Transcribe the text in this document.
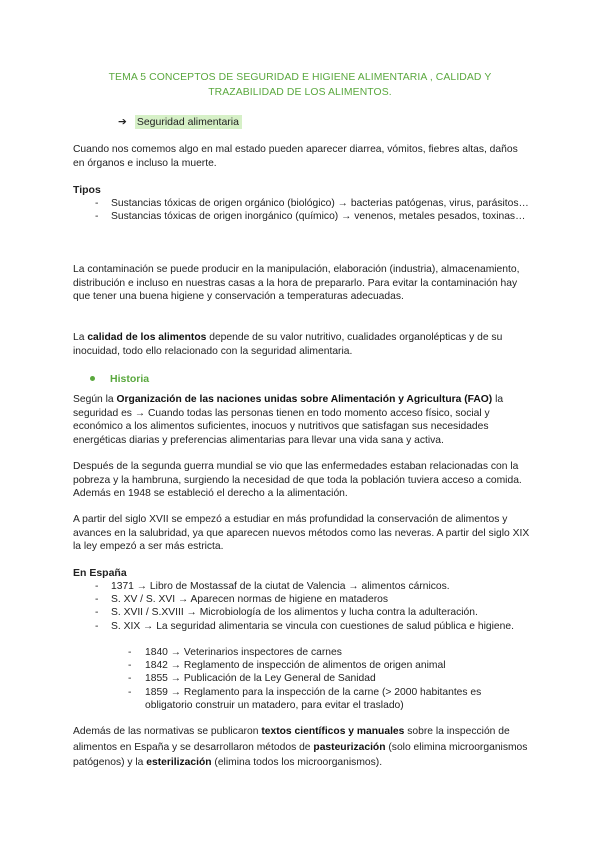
TEMA 5 CONCEPTOS DE SEGURIDAD E HIGIENE ALIMENTARIA , CALIDAD Y TRAZABILIDAD DE LOS ALIMENTOS.
➔ Seguridad alimentaria

Cuando nos comemos algo en mal estado pueden aparecer diarrea, vómitos, fiebres altas, daños en órganos e incluso la muerte.

Tipos
- Sustancias tóxicas de origen orgánico (biológico) → bacterias patógenas, virus, parásitos…
- Sustancias tóxicas de origen inorgánico (químico) → venenos, metales pesados, toxinas…

La contaminación se puede producir en la manipulación, elaboración (industria), almacenamiento, distribución e incluso en nuestras casas a la hora de prepararlo. Para evitar la contaminación hay que tener una buena higiene y conservación a temperaturas adecuadas.

La calidad de los alimentos depende de su valor nutritivo, cualidades organolépticas y de su inocuidad, todo ello relacionado con la seguridad alimentaria.

Historia

Según la Organización de las naciones unidas sobre Alimentación y Agricultura (FAO) la seguridad es → Cuando todas las personas tienen en todo momento acceso físico, social y económico a los alimentos suficientes, inocuos y nutritivos que satisfagan sus necesidades energéticas diarias y preferencias alimentarias para llevar una vida sana y activa.

Después de la segunda guerra mundial se vio que las enfermedades estaban relacionadas con la pobreza y la hambruna, surgiendo la necesidad de que toda la población tuviera acceso a comida. Además en 1948 se estableció el derecho a la alimentación.

A partir del siglo XVII se empezó a estudiar en más profundidad la conservación de alimentos y avances en la salubridad, ya que aparecen nuevos métodos como las neveras. A partir del siglo XIX la ley empezó a ser más estricta.

En España
- 1371 → Libro de Mostassaf de la ciutat de Valencia → alimentos cárnicos.
- S. XV / S. XVI → Aparecen normas de higiene en mataderos
- S. XVII / S.XVIII → Microbiología de los alimentos y lucha contra la adulteración.
- S. XIX → La seguridad alimentaria se vincula con cuestiones de salud pública e higiene.
- 1840 → Veterinarios inspectores de carnes
- 1842 → Reglamento de inspección de alimentos de origen animal
- 1855 → Publicación de la Ley General de Sanidad
- 1859 → Reglamento para la inspección de la carne (> 2000 habitantes es obligatorio construir un matadero, para evitar el traslado)

Además de las normativas se publicaron textos científicos y manuales sobre la inspección de alimentos en España y se desarrollaron métodos de pasteurización (solo elimina microorganismos patógenos) y la esterilización (elimina todos los microorganismos).
